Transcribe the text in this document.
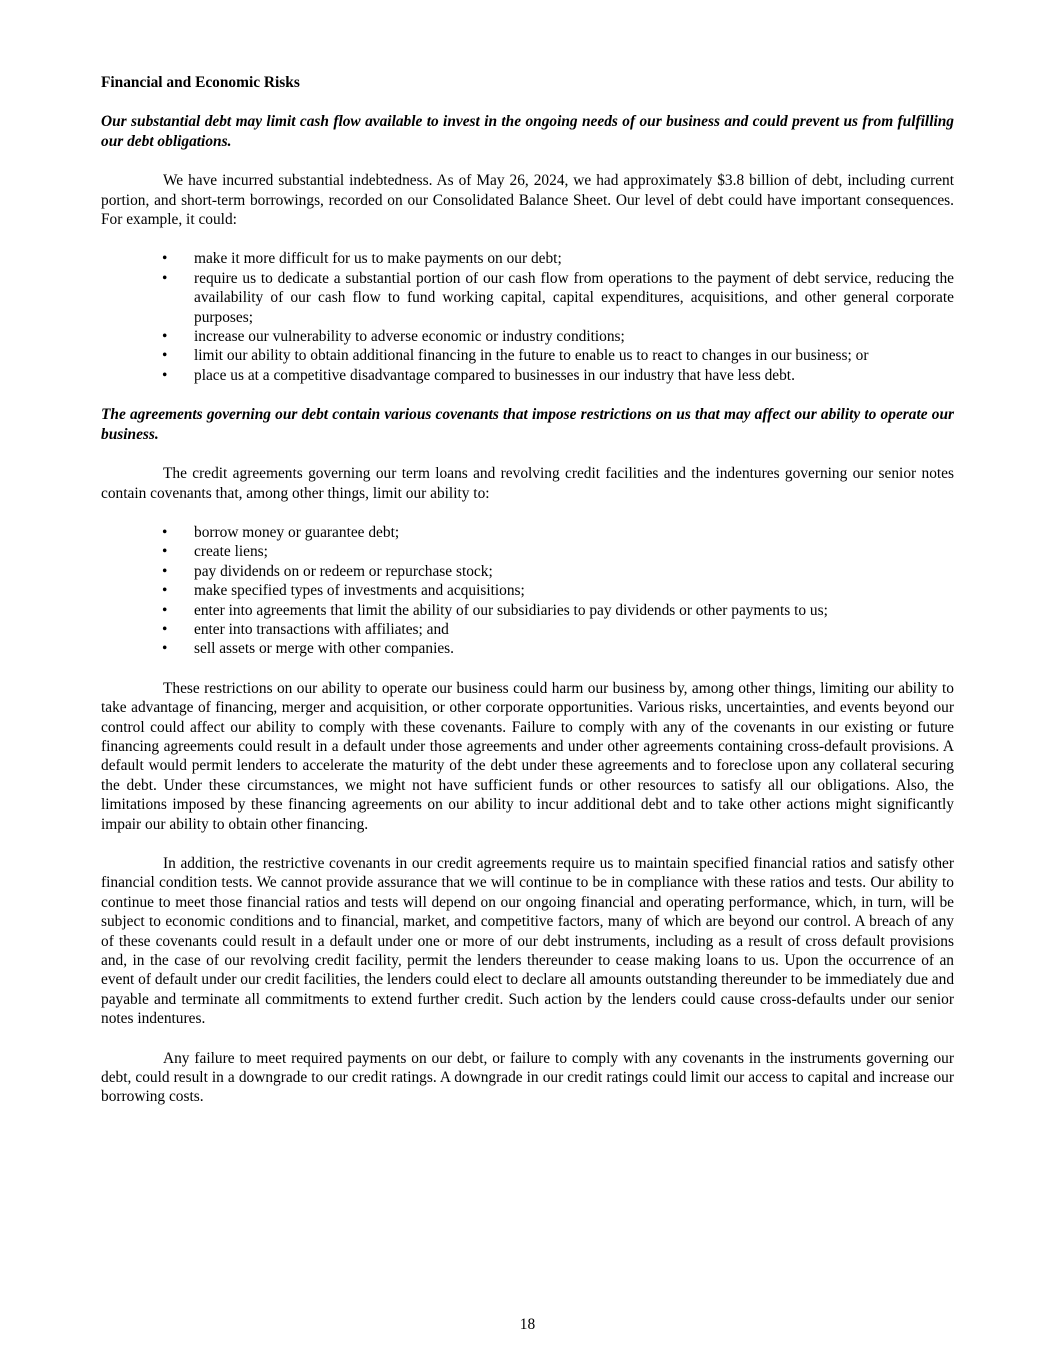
Financial and Economic Risks
Our substantial debt may limit cash flow available to invest in the ongoing needs of our business and could prevent us from fulfilling our debt obligations.

We have incurred substantial indebtedness. As of May 26, 2024, we had approximately $3.8 billion of debt, including current portion, and short-term borrowings, recorded on our Consolidated Balance Sheet. Our level of debt could have important consequences. For example, it could:

• make it more difficult for us to make payments on our debt;
• require us to dedicate a substantial portion of our cash flow from operations to the payment of debt service, reducing the availability of our cash flow to fund working capital, capital expenditures, acquisitions, and other general corporate purposes;
• increase our vulnerability to adverse economic or industry conditions;
• limit our ability to obtain additional financing in the future to enable us to react to changes in our business; or
• place us at a competitive disadvantage compared to businesses in our industry that have less debt.
The agreements governing our debt contain various covenants that impose restrictions on us that may affect our ability to operate our business.

The credit agreements governing our term loans and revolving credit facilities and the indentures governing our senior notes contain covenants that, among other things, limit our ability to:

• borrow money or guarantee debt;
• create liens;
• pay dividends on or redeem or repurchase stock;
• make specified types of investments and acquisitions;
• enter into agreements that limit the ability of our subsidiaries to pay dividends or other payments to us;
• enter into transactions with affiliates; and
• sell assets or merge with other companies.

These restrictions on our ability to operate our business could harm our business by, among other things, limiting our ability to take advantage of financing, merger and acquisition, or other corporate opportunities. Various risks, uncertainties, and events beyond our control could affect our ability to comply with these covenants. Failure to comply with any of the covenants in our existing or future financing agreements could result in a default under those agreements and under other agreements containing cross-default provisions. A default would permit lenders to accelerate the maturity of the debt under these agreements and to foreclose upon any collateral securing the debt. Under these circumstances, we might not have sufficient funds or other resources to satisfy all our obligations. Also, the limitations imposed by these financing agreements on our ability to incur additional debt and to take other actions might significantly impair our ability to obtain other financing.

In addition, the restrictive covenants in our credit agreements require us to maintain specified financial ratios and satisfy other financial condition tests. We cannot provide assurance that we will continue to be in compliance with these ratios and tests. Our ability to continue to meet those financial ratios and tests will depend on our ongoing financial and operating performance, which, in turn, will be subject to economic conditions and to financial, market, and competitive factors, many of which are beyond our control. A breach of any of these covenants could result in a default under one or more of our debt instruments, including as a result of cross default provisions and, in the case of our revolving credit facility, permit the lenders thereunder to cease making loans to us. Upon the occurrence of an event of default under our credit facilities, the lenders could elect to declare all amounts outstanding thereunder to be immediately due and payable and terminate all commitments to extend further credit. Such action by the lenders could cause cross-defaults under our senior notes indentures.

Any failure to meet required payments on our debt, or failure to comply with any covenants in the instruments governing our debt, could result in a downgrade to our credit ratings. A downgrade in our credit ratings could limit our access to capital and increase our borrowing costs.

18
